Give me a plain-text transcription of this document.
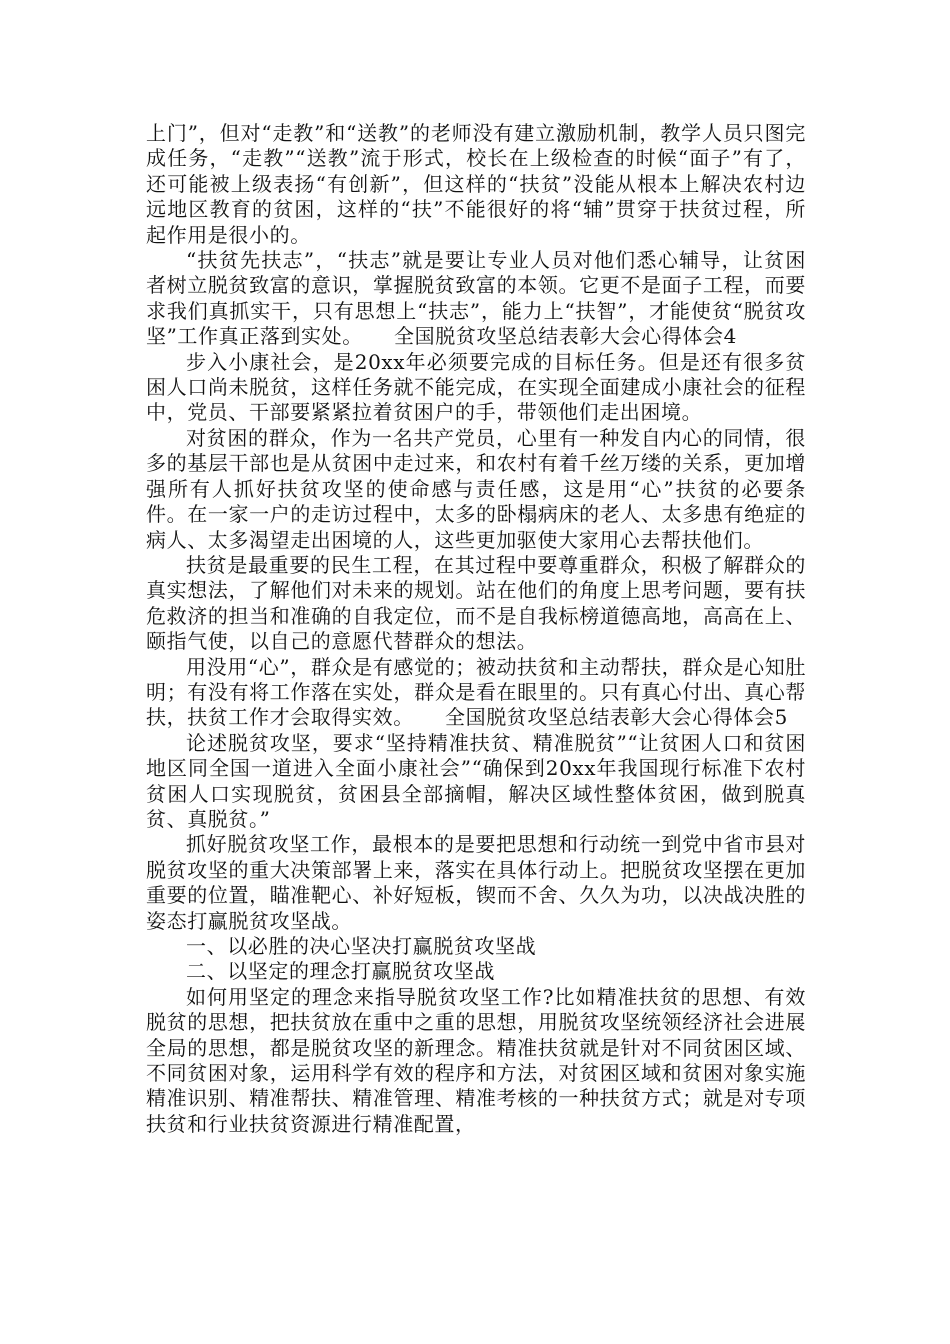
上门”，但对“走教”和“送教”的老师没有建立激励机制，教学人员只图完成任务，“走教”“送教”流于形式，校长在上级检查的时候“面子”有了，还可能被上级表扬“有创新”，但这样的“扶贫”没能从根本上解决农村边远地区教育的贫困，这样的“扶”不能很好的将“辅”贯穿于扶贫过程，所起作用是很小的。

“扶贫先扶志”，“扶志”就是要让专业人员对他们悉心辅导，让贫困者树立脱贫致富的意识，掌握脱贫致富的本领。它更不是面子工程，而要求我们真抓实干，只有思想上“扶志”，能力上“扶智”，才能使贫“脱贫攻坚”工作真正落到实处。　　全国脱贫攻坚总结表彰大会心得体会4

步入小康社会，是20xx年必须要完成的目标任务。但是还有很多贫困人口尚未脱贫，这样任务就不能完成，在实现全面建成小康社会的征程中，党员、干部要紧紧拉着贫困户的手，带领他们走出困境。

对贫困的群众，作为一名共产党员，心里有一种发自内心的同情，很多的基层干部也是从贫困中走过来，和农村有着千丝万缕的关系，更加增强所有人抓好扶贫攻坚的使命感与责任感，这是用“心”扶贫的必要条件。在一家一户的走访过程中，太多的卧榻病床的老人、太多患有绝症的病人、太多渴望走出困境的人，这些更加驱使大家用心去帮扶他们。

扶贫是最重要的民生工程，在其过程中要尊重群众，积极了解群众的真实想法，了解他们对未来的规划。站在他们的角度上思考问题，要有扶危救济的担当和准确的自我定位，而不是自我标榜道德高地，高高在上、颐指气使，以自己的意愿代替群众的想法。

用没用“心”，群众是有感觉的；被动扶贫和主动帮扶，群众是心知肚明；有没有将工作落在实处，群众是看在眼里的。只有真心付出、真心帮扶，扶贫工作才会取得实效。　　全国脱贫攻坚总结表彰大会心得体会5

论述脱贫攻坚，要求“坚持精准扶贫、精准脱贫”“让贫困人口和贫困地区同全国一道进入全面小康社会”“确保到20xx年我国现行标准下农村贫困人口实现脱贫，贫困县全部摘帽，解决区域性整体贫困，做到脱真贫、真脱贫。”

抓好脱贫攻坚工作，最根本的是要把思想和行动统一到党中省市县对脱贫攻坚的重大决策部署上来，落实在具体行动上。把脱贫攻坚摆在更加重要的位置，瞄准靶心、补好短板，锲而不舍、久久为功，以决战决胜的姿态打赢脱贫攻坚战。

一、以必胜的决心坚决打赢脱贫攻坚战

二、以坚定的理念打赢脱贫攻坚战

如何用坚定的理念来指导脱贫攻坚工作?比如精准扶贫的思想、有效脱贫的思想，把扶贫放在重中之重的思想，用脱贫攻坚统领经济社会进展全局的思想，都是脱贫攻坚的新理念。精准扶贫就是针对不同贫困区域、不同贫困对象，运用科学有效的程序和方法，对贫困区域和贫困对象实施精准识别、精准帮扶、精准管理、精准考核的一种扶贫方式；就是对专项扶贫和行业扶贫资源进行精准配置，
